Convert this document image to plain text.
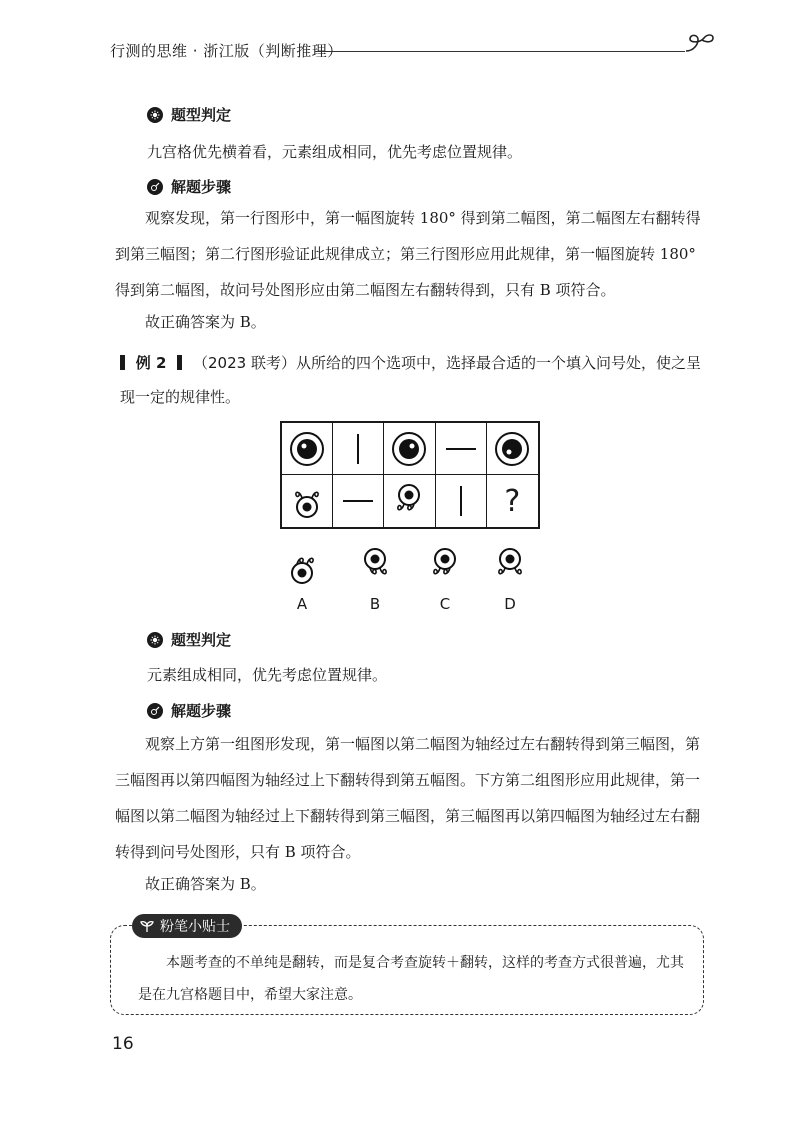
行测的思维 · 浙江版（判断推理）
题型判定
九宫格优先横着看，元素组成相同，优先考虑位置规律。
解题步骤
观察发现，第一行图形中，第一幅图旋转 180° 得到第二幅图，第二幅图左右翻转得到第三幅图；第二行图形验证此规律成立；第三行图形应用此规律，第一幅图旋转 180° 得到第二幅图，故问号处图形应由第二幅图左右翻转得到，只有 B 项符合。
故正确答案为 B。
例 2 （2023 联考）从所给的四个选项中，选择最合适的一个填入问号处，使之呈现一定的规律性。
?
A	B	C	D
题型判定
元素组成相同，优先考虑位置规律。
解题步骤
观察上方第一组图形发现，第一幅图以第二幅图为轴经过左右翻转得到第三幅图，第三幅图再以第四幅图为轴经过上下翻转得到第五幅图。下方第二组图形应用此规律，第一幅图以第二幅图为轴经过上下翻转得到第三幅图，第三幅图再以第四幅图为轴经过左右翻转得到问号处图形，只有 B 项符合。
故正确答案为 B。
粉笔小贴士
本题考查的不单纯是翻转，而是复合考查旋转＋翻转，这样的考查方式很普遍，尤其是在九宫格题目中，希望大家注意。
16
